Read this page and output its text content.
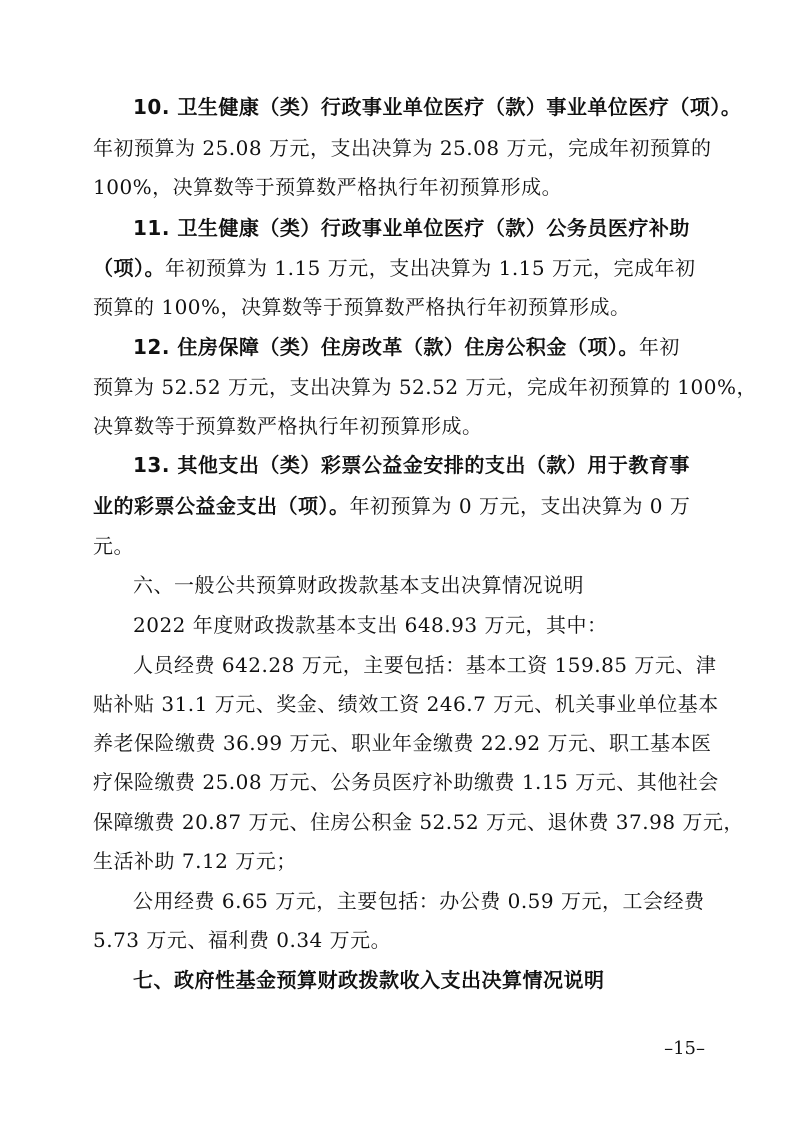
10. 卫生健康（类）行政事业单位医疗（款）事业单位医疗（项）。
年初预算为 25.08 万元，支出决算为 25.08 万元，完成年初预算的
100%，决算数等于预算数严格执行年初预算形成。
11. 卫生健康（类）行政事业单位医疗（款）公务员医疗补助
（项）。年初预算为 1.15 万元，支出决算为 1.15 万元，完成年初
预算的 100%，决算数等于预算数严格执行年初预算形成。
12. 住房保障（类）住房改革（款）住房公积金（项）。年初
预算为 52.52 万元，支出决算为 52.52 万元，完成年初预算的 100%，
决算数等于预算数严格执行年初预算形成。
13. 其他支出（类）彩票公益金安排的支出（款）用于教育事
业的彩票公益金支出（项）。年初预算为 0 万元，支出决算为 0 万
元。
六、一般公共预算财政拨款基本支出决算情况说明
2022 年度财政拨款基本支出 648.93 万元，其中：
人员经费 642.28 万元，主要包括：基本工资 159.85 万元、津
贴补贴 31.1 万元、奖金、绩效工资 246.7 万元、机关事业单位基本
养老保险缴费 36.99 万元、职业年金缴费 22.92 万元、职工基本医
疗保险缴费 25.08 万元、公务员医疗补助缴费 1.15 万元、其他社会
保障缴费 20.87 万元、住房公积金 52.52 万元、退休费 37.98 万元，
生活补助 7.12 万元；
公用经费 6.65 万元，主要包括：办公费 0.59 万元，工会经费
5.73 万元、福利费 0.34 万元。
七、政府性基金预算财政拨款收入支出决算情况说明
–15–
